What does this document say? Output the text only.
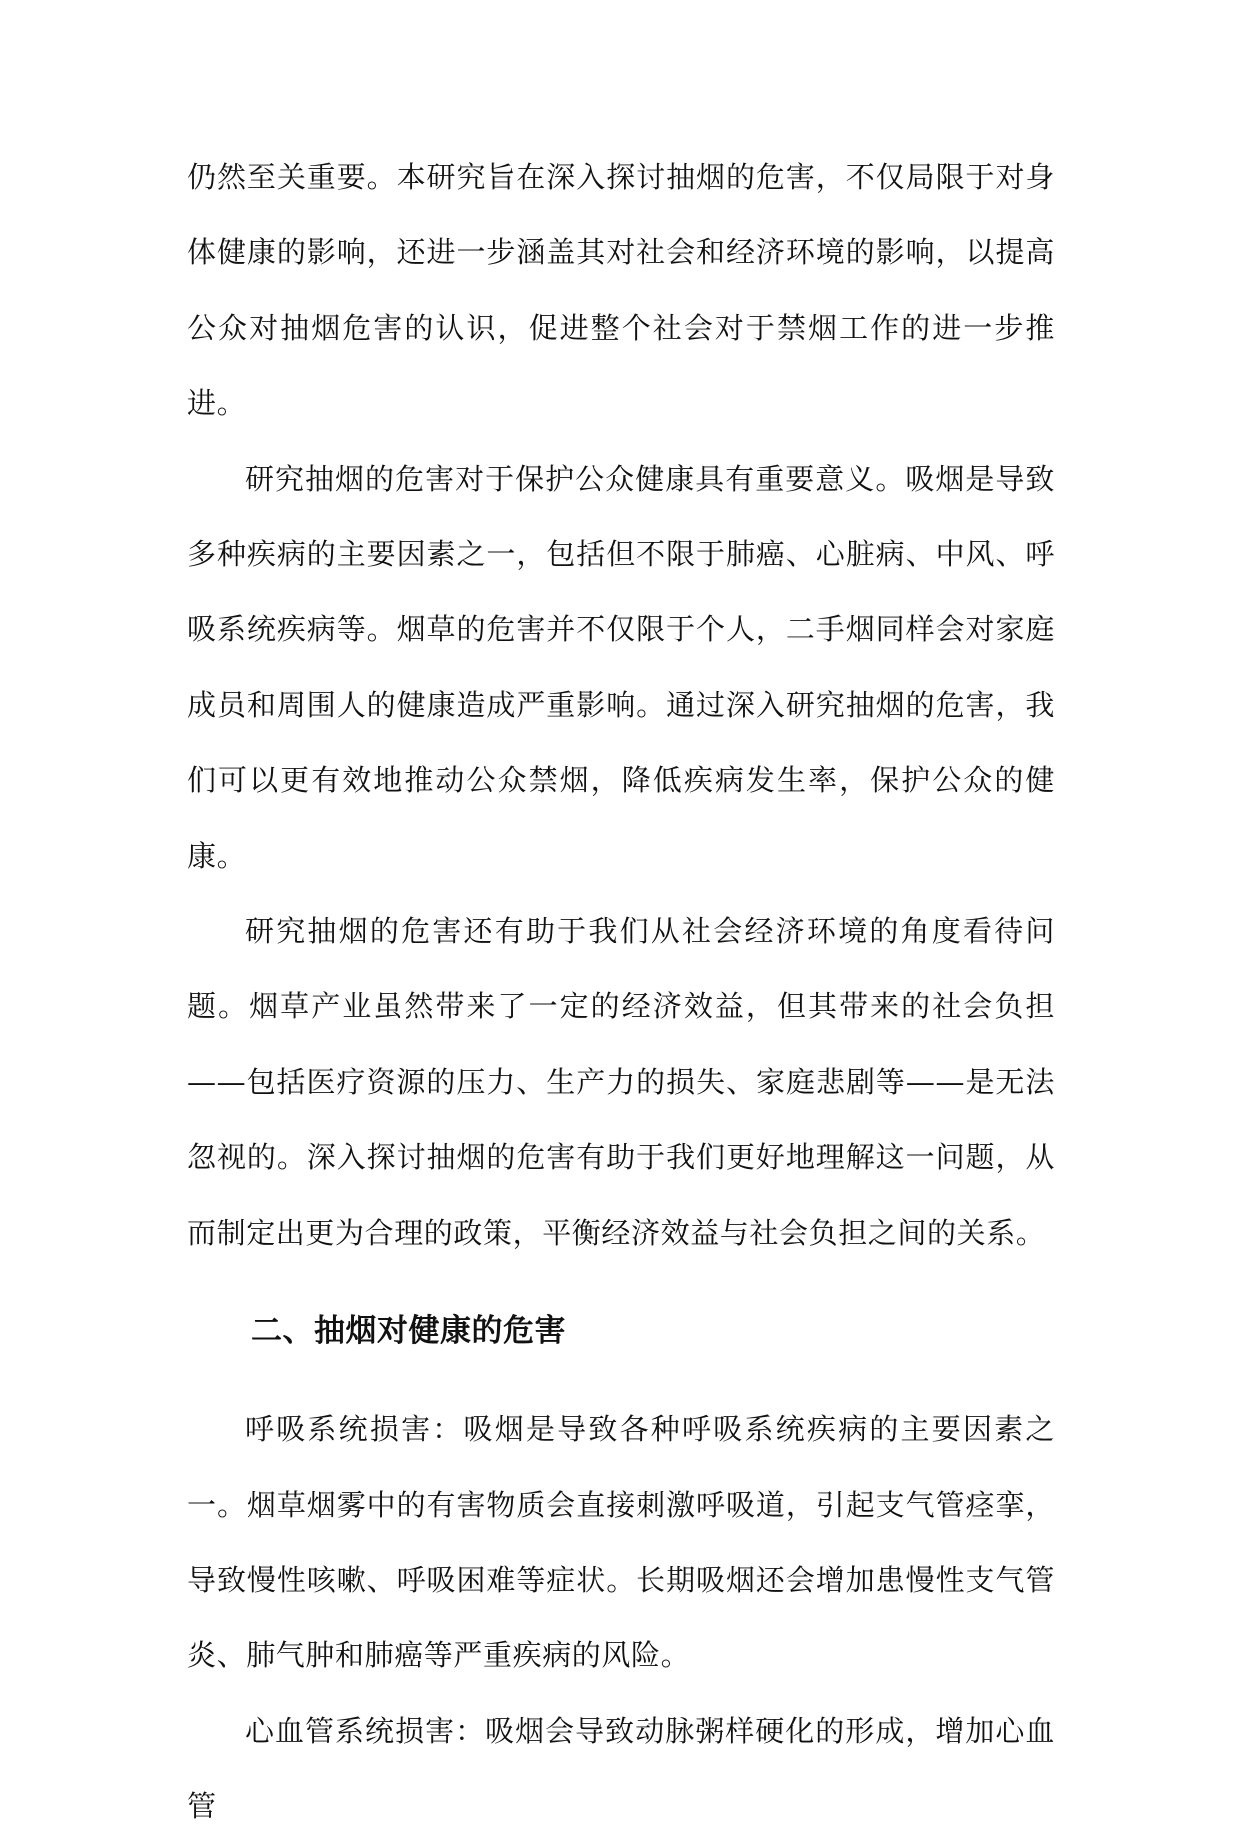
仍然至关重要。本研究旨在深入探讨抽烟的危害，不仅局限于对身体健康的影响，还进一步涵盖其对社会和经济环境的影响，以提高公众对抽烟危害的认识，促进整个社会对于禁烟工作的进一步推进。

研究抽烟的危害对于保护公众健康具有重要意义。吸烟是导致多种疾病的主要因素之一，包括但不限于肺癌、心脏病、中风、呼吸系统疾病等。烟草的危害并不仅限于个人，二手烟同样会对家庭成员和周围人的健康造成严重影响。通过深入研究抽烟的危害，我们可以更有效地推动公众禁烟，降低疾病发生率，保护公众的健康。

研究抽烟的危害还有助于我们从社会经济环境的角度看待问题。烟草产业虽然带来了一定的经济效益，但其带来的社会负担——包括医疗资源的压力、生产力的损失、家庭悲剧等——是无法忽视的。深入探讨抽烟的危害有助于我们更好地理解这一问题，从而制定出更为合理的政策，平衡经济效益与社会负担之间的关系。

二、抽烟对健康的危害

呼吸系统损害：吸烟是导致各种呼吸系统疾病的主要因素之一。烟草烟雾中的有害物质会直接刺激呼吸道，引起支气管痉挛，导致慢性咳嗽、呼吸困难等症状。长期吸烟还会增加患慢性支气管炎、肺气肿和肺癌等严重疾病的风险。

心血管系统损害：吸烟会导致动脉粥样硬化的形成，增加心血管
